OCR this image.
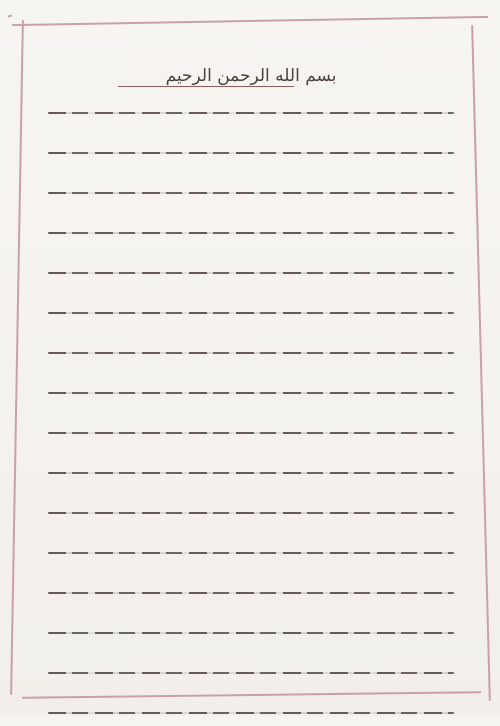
بسم الله الرحمن الرحيم
